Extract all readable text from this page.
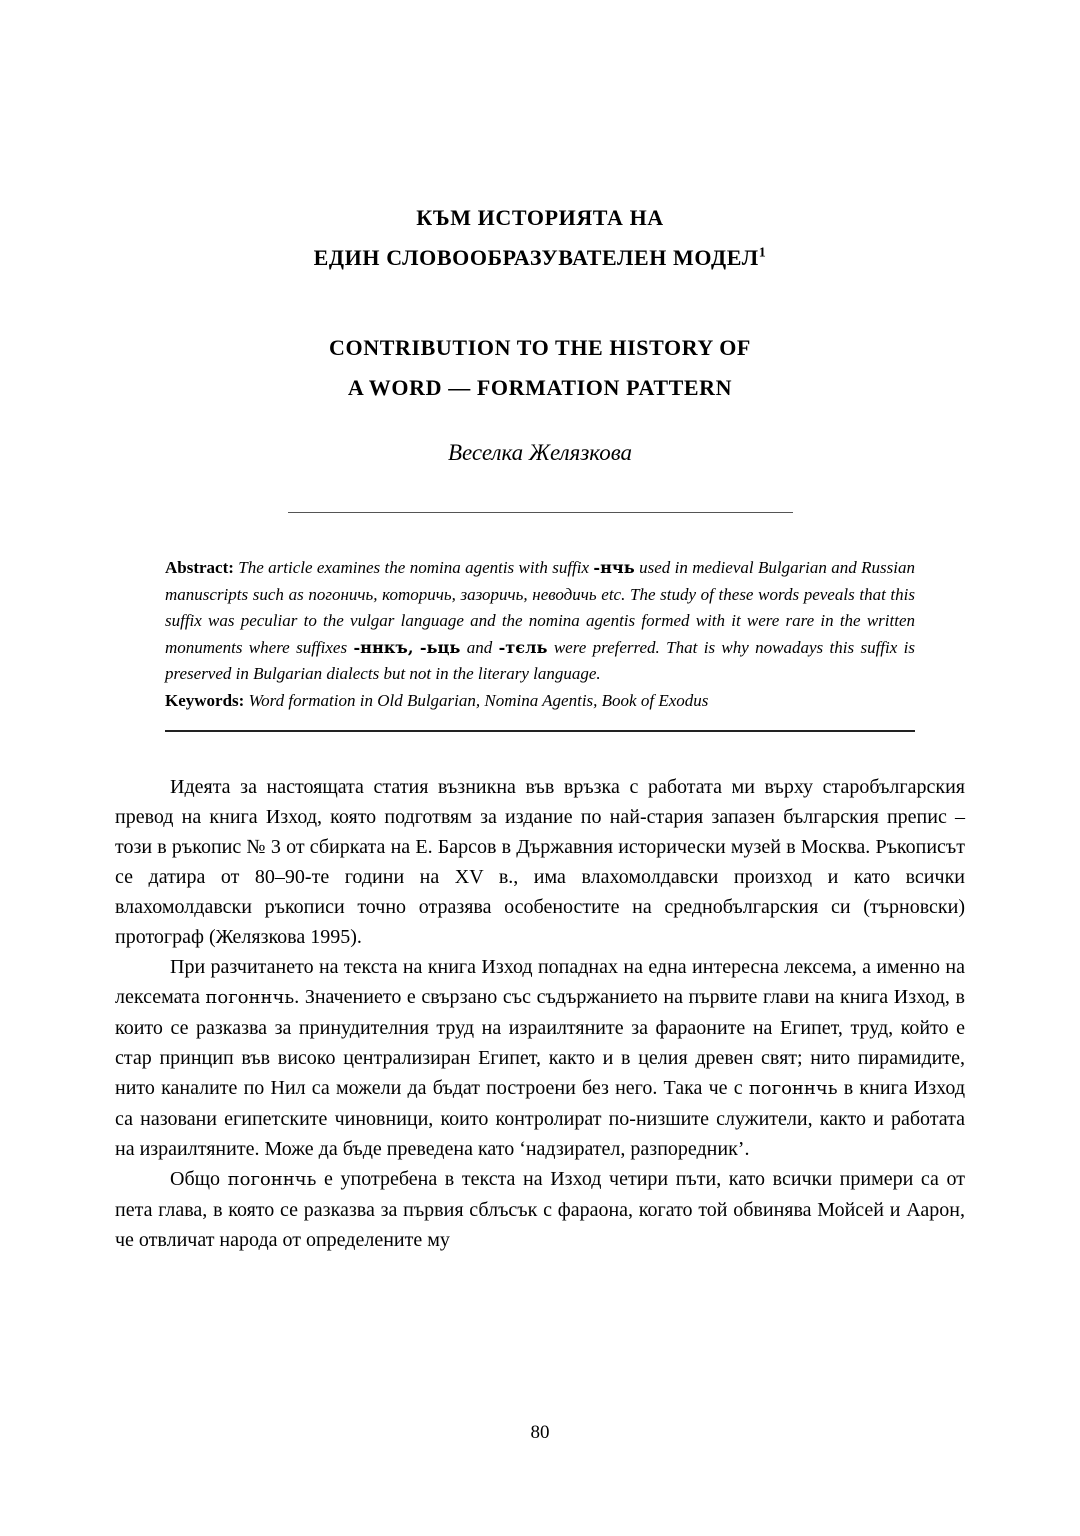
КЪМ ИСТОРИЯТА НА
ЕДИН СЛОВООБРАЗУВАТЕЛЕН МОДЕЛ$^1$
CONTRIBUTION TO THE HISTORY OF
A WORD — FORMATION PATTERN
Веселка Желязкова

Abstract: The article examines the nomina agentis with suffix -нчь used in medieval Bulgarian and Russian manuscripts such as погоничь, которичь, зазоричь, неводичь etc. The study of these words peveals that this suffix was peculiar to the vulgar language and the nomina agentis formed with it were rare in the written monuments where suffixes -ннкъ, -ьць and -тєль were preferred. That is why nowadays this suffix is preserved in Bulgarian dialects but not in the literary language.

Keywords: Word formation in Old Bulgarian, Nomina Agentis, Book of Exodus

Идеята за настоящата статия възникна във връзка с работата ми върху старобългарския превод на книга Изход, която подготвям за издание по най-стария запазен българския препис – този в ръкопис № 3 от сбирката на Е. Барсов в Държавния исторически музей в Москва. Ръкописът се датира от 80–90-те години на XV в., има влахомолдавски произход и като всички влахомолдавски ръкописи точно отразява особеностите на среднобългарския си (търновски) протограф (Желязкова 1995).

При разчитането на текста на книга Изход попаднах на една интересна лексема, а именно на лексемата погоннчь. Значението е свързано със съдържанието на първите глави на книга Изход, в които се разказва за принудителния труд на израилтяните за фараоните на Египет, труд, който е стар принцип във високо централизиран Египет, както и в целия древен свят; нито пирамидите, нито каналите по Нил са можели да бъдат построени без него. Така че с погоннчь в книга Изход са назовани египетските чиновници, които контролират по-низшите служители, както и работата на израилтяните. Може да бъде преведена като ‘надзирател, разпоредник’.

Общо погоннчь е употребена в текста на Изход четири пъти, като всички примери са от пета глава, в която се разказва за първия сблъсък с фараона, когато той обвинява Мойсей и Аарон, че отвличат народа от определените му

80
